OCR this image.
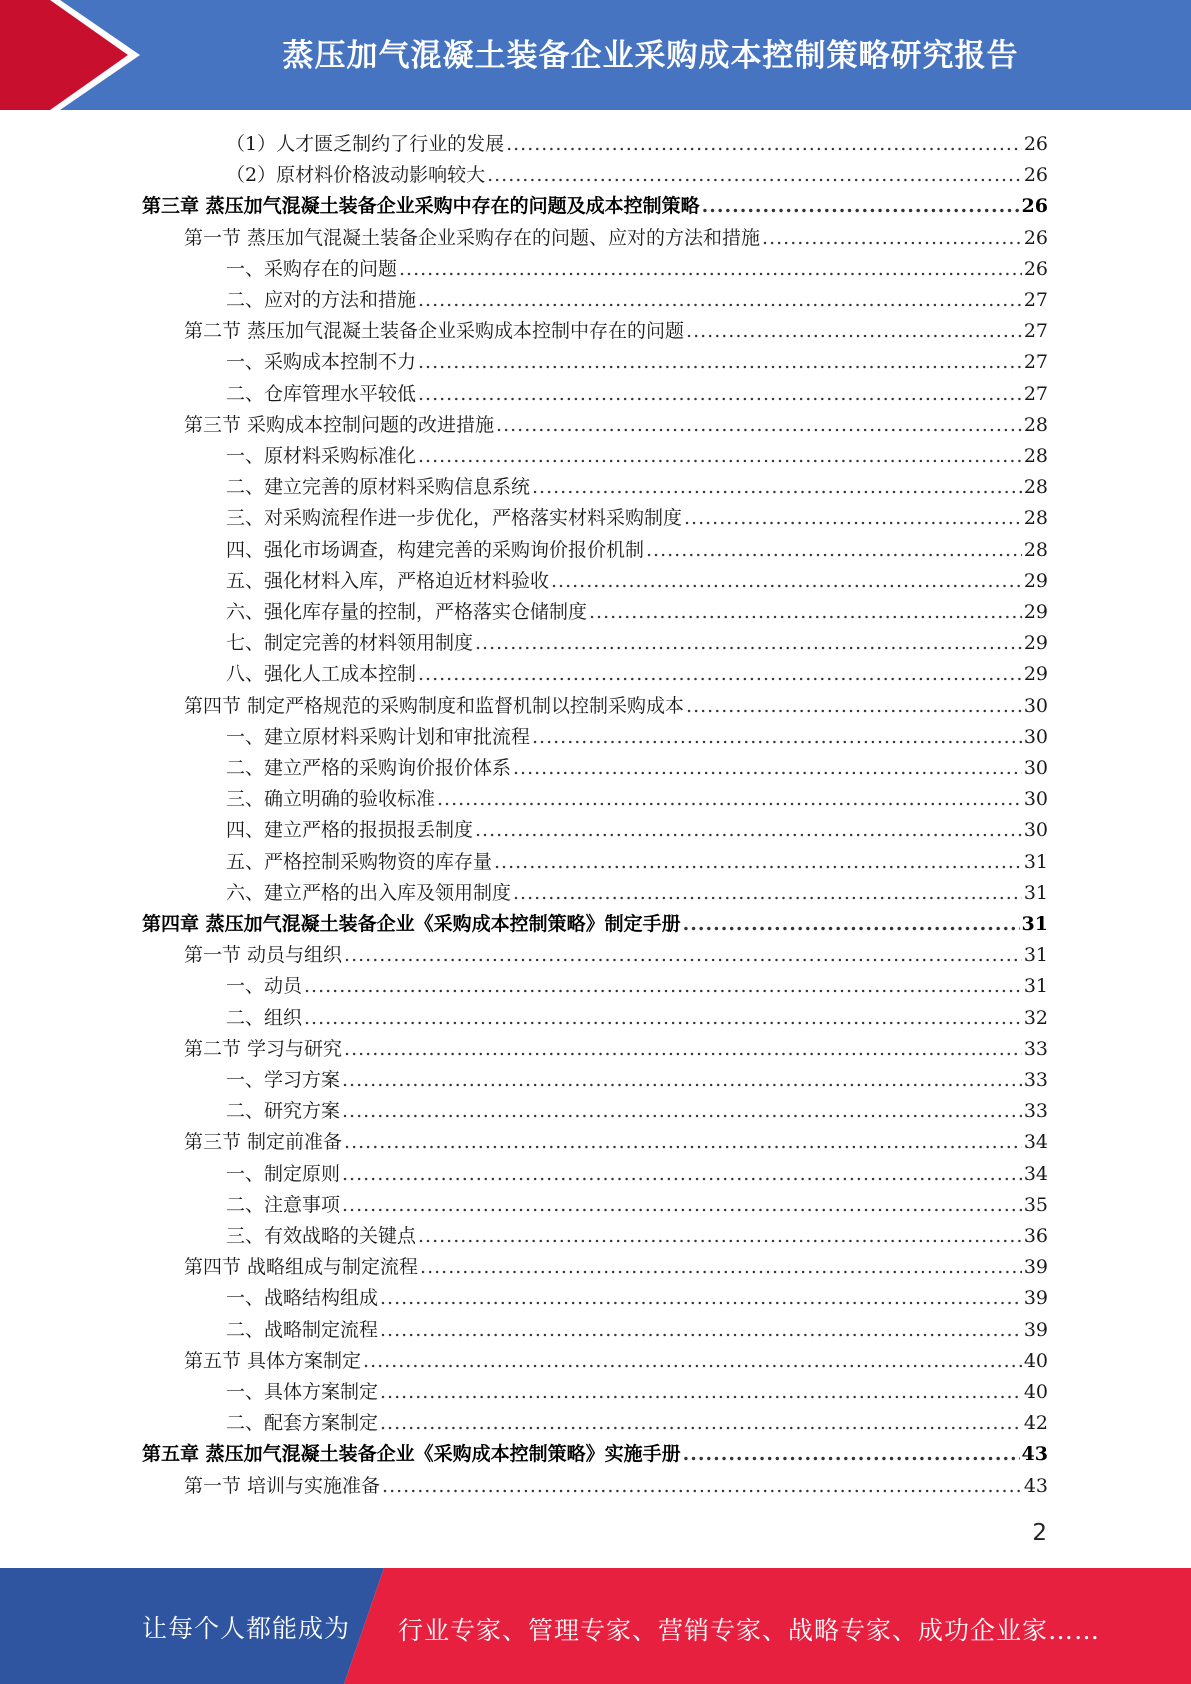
蒸压加气混凝土装备企业采购成本控制策略研究报告
（1）人才匮乏制约了行业的发展 .....	26
（2）原材料价格波动影响较大 .....	26
第三章 蒸压加气混凝土装备企业采购中存在的问题及成本控制策略 .....	26
第一节 蒸压加气混凝土装备企业采购存在的问题、应对的方法和措施 .....	26
一、采购存在的问题 .....	26
二、应对的方法和措施 .....	27
第二节 蒸压加气混凝土装备企业采购成本控制中存在的问题 .....	27
一、采购成本控制不力 .....	27
二、仓库管理水平较低 .....	27
第三节 采购成本控制问题的改进措施 .....	28
一、原材料采购标准化 .....	28
二、建立完善的原材料采购信息系统 .....	28
三、对采购流程作进一步优化，严格落实材料采购制度 .....	28
四、强化市场调查，构建完善的采购询价报价机制 .....	28
五、强化材料入库，严格迫近材料验收 .....	29
六、强化库存量的控制，严格落实仓储制度 .....	29
七、制定完善的材料领用制度 .....	29
八、强化人工成本控制 .....	29
第四节 制定严格规范的采购制度和监督机制以控制采购成本 .....	30
一、建立原材料采购计划和审批流程 .....	30
二、建立严格的采购询价报价体系 .....	30
三、确立明确的验收标准 .....	30
四、建立严格的报损报丢制度 .....	30
五、严格控制采购物资的库存量 .....	31
六、建立严格的出入库及领用制度 .....	31
第四章 蒸压加气混凝土装备企业《采购成本控制策略》制定手册 .....	31
第一节 动员与组织 .....	31
一、动员 .....	31
二、组织 .....	32
第二节 学习与研究 .....	33
一、学习方案 .....	33
二、研究方案 .....	33
第三节 制定前准备 .....	34
一、制定原则 .....	34
二、注意事项 .....	35
三、有效战略的关键点 .....	36
第四节 战略组成与制定流程 .....	39
一、战略结构组成 .....	39
二、战略制定流程 .....	39
第五节 具体方案制定 .....	40
一、具体方案制定 .....	40
二、配套方案制定 .....	42
第五章 蒸压加气混凝土装备企业《采购成本控制策略》实施手册 .....	43
第一节 培训与实施准备 .....	43
2
让每个人都能成为 行业专家、管理专家、营销专家、战略专家、成功企业家……
